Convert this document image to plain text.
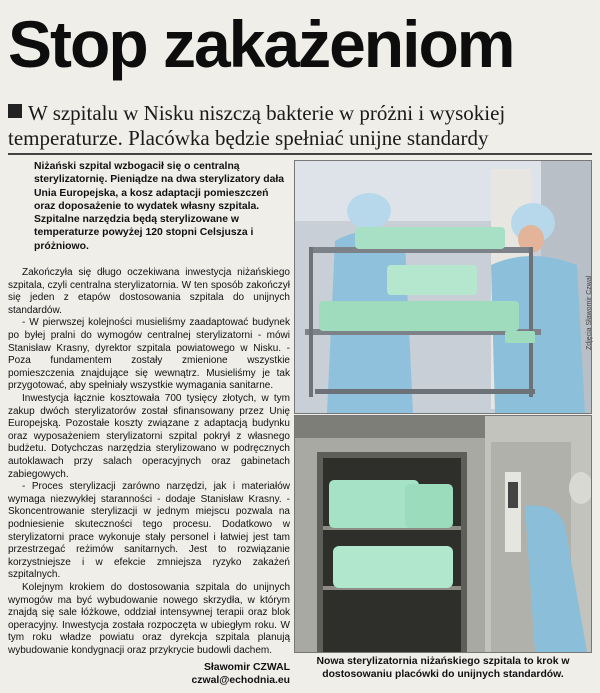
Stop zakażeniom

W szpitalu w Nisku niszczą bakterie w próżni i wysokiej temperaturze. Placówka będzie spełniać unijne standardy

Niżański szpital wzbogacił się o centralną sterylizatornię. Pieniądze na dwa sterylizatory dała Unia Europejska, a kosz adaptacji pomieszczeń oraz doposażenie to wydatek własny szpitala. Szpitalne narzędzia będą sterylizowane w temperaturze powyżej 120 stopni Celsjusza i próżniowo.

Zakończyła się długo oczekiwana inwestycja niżańskiego szpitala, czyli centralna sterylizatornia. W ten sposób zakończył się jeden z etapów dostosowania szpitala do unijnych standardów.

- W pierwszej kolejności musieliśmy zaadaptować budynek po byłej pralni do wymogów centralnej sterylizatorni - mówi Stanisław Krasny, dyrektor szpitala powiatowego w Nisku. - Poza fundamentem zostały zmienione wszystkie pomieszczenia znajdujące się wewnątrz. Musieliśmy je tak przygotować, aby spełniały wszystkie wymagania sanitarne.

Inwestycja łącznie kosztowała 700 tysięcy złotych, w tym zakup dwóch sterylizatorów został sfinansowany przez Unię Europejską. Pozostałe koszty związane z adaptacją budynku oraz wyposażeniem sterylizatorni szpital pokrył z własnego budżetu. Dotychczas narzędzia sterylizowano w podręcznych autoklawach przy salach operacyjnych oraz gabinetach zabiegowych.

- Proces sterylizacji zarówno narzędzi, jak i materiałów wymaga niezwykłej staranności - dodaje Stanisław Krasny. - Skoncentrowanie sterylizacji w jednym miejscu pozwala na podniesienie skuteczności tego procesu. Dodatkowo w sterylizatorni prace wykonuje stały personel i łatwiej jest tam przestrzegać reżimów sanitarnych. Jest to rozwiązanie korzystniejsze i w efekcie zmniejsza ryzyko zakażeń szpitalnych.

Kolejnym krokiem do dostosowania szpitala do unijnych wymogów ma być wybudowanie nowego skrzydła, w którym znajdą się sale łóżkowe, oddział intensywnej terapii oraz blok operacyjny. Inwestycja została rozpoczęta w ubiegłym roku. W tym roku władze powiatu oraz dyrekcja szpitala planują wybudowanie kondygnacji oraz przykrycie budowli dachem.

Sławomir CZWAL
czwal@echodnia.eu
Zdjęcia Sławomir Czwal
Nowa sterylizatornia niżańskiego szpitala to krok w dostosowaniu placówki do unijnych standardów.
